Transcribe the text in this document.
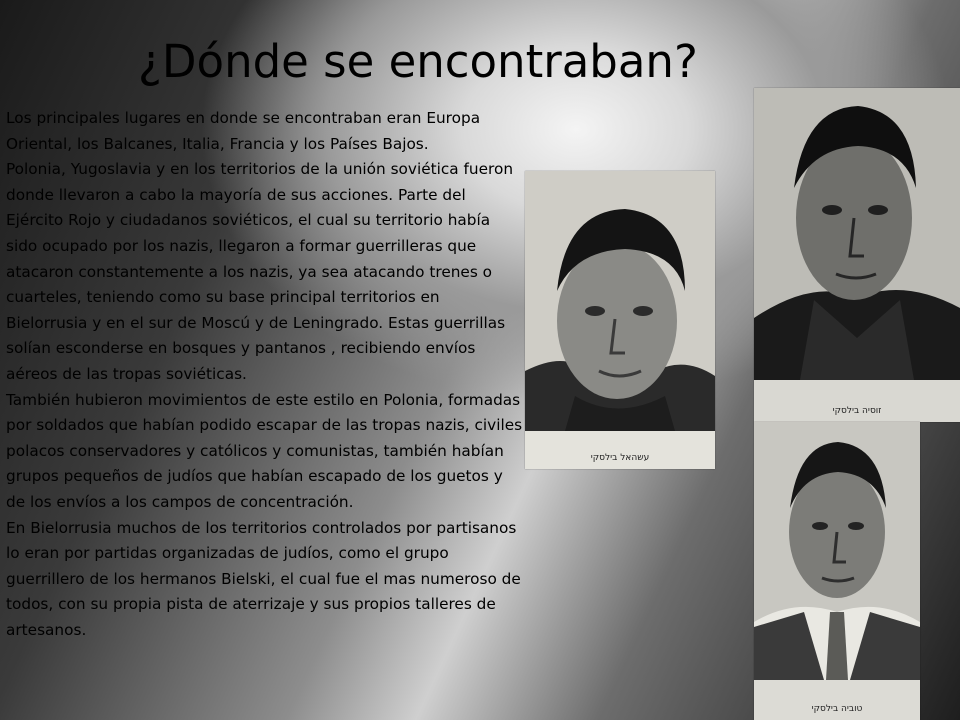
¿Dónde se encontraban?

Los principales lugares en donde se encontraban eran Europa Oriental, los Balcanes, Italia, Francia y los Países Bajos.

Polonia, Yugoslavia y en los territorios de la unión soviética fueron donde llevaron a cabo la mayoría de sus acciones. Parte del Ejército Rojo y ciudadanos soviéticos, el cual su territorio había sido ocupado por los nazis, llegaron a formar guerrilleras que atacaron constantemente a los nazis, ya sea atacando trenes o cuarteles, teniendo como su base principal territorios en Bielorrusia y en el sur de Moscú y de Leningrado. Estas guerrillas solían esconderse en bosques y pantanos , recibiendo envíos aéreos de las tropas soviéticas.

También hubieron movimientos de este estilo en Polonia, formadas por soldados que habían podido escapar de las tropas nazis, civiles polacos conservadores y católicos y comunistas, también habían grupos pequeños de judíos que habían escapado de los guetos y de los envíos a los campos de concentración.

En Bielorrusia muchos de los territorios controlados por partisanos lo eran por partidas organizadas de judíos, como el grupo guerrillero de los hermanos Bielski, el cual fue el mas numeroso de todos, con su propia pista de aterrizaje y sus propios talleres de artesanos.

עשהאל בילסקי
זוסיה בילסקי
טוביה בילסקי
